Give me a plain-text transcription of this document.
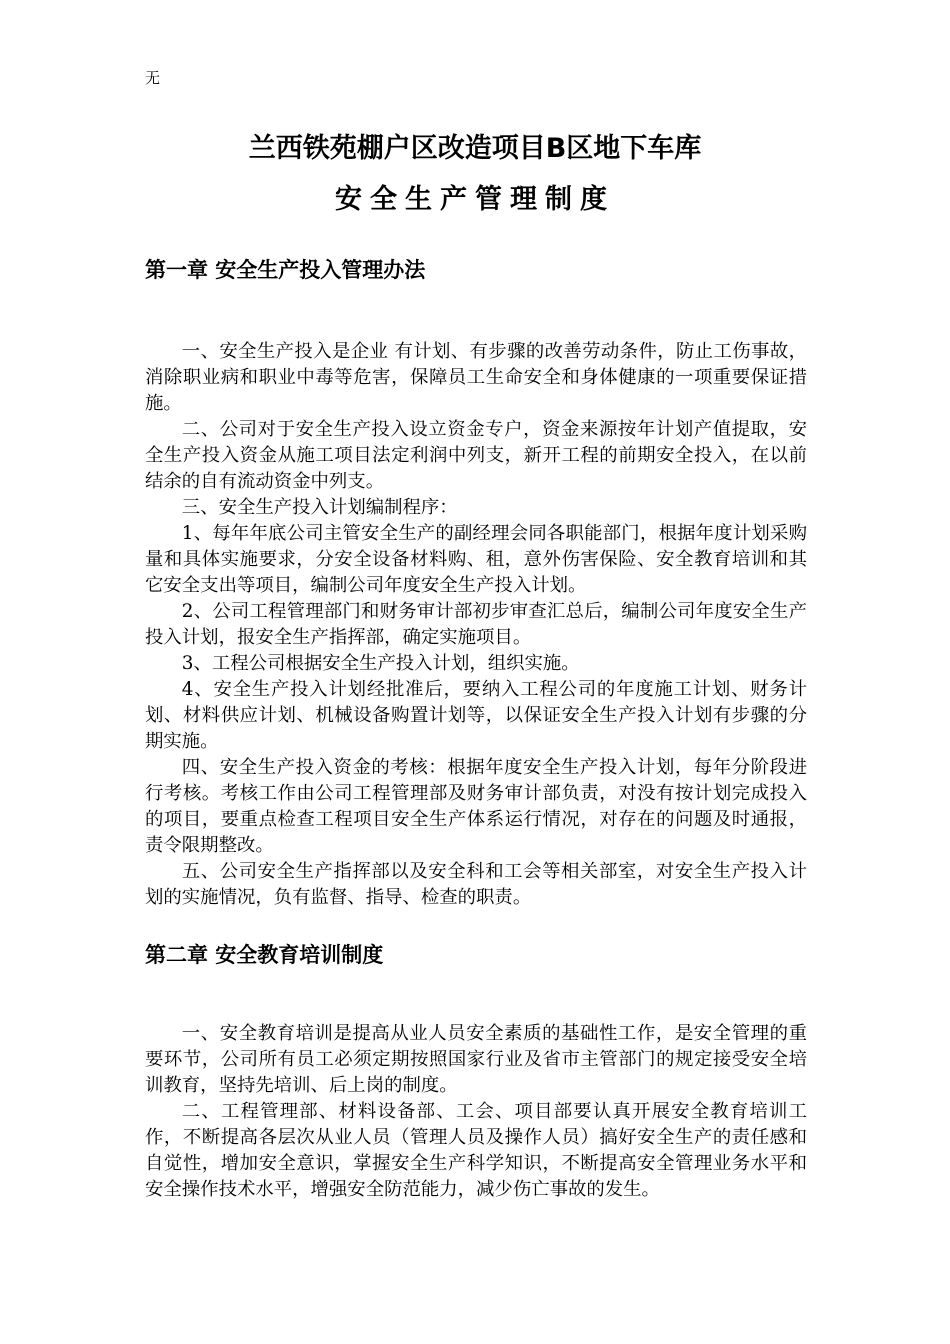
无
兰西铁苑棚户区改造项目B区地下车库
安全生产管理制度
第一章 安全生产投入管理办法

一、安全生产投入是企业 有计划、有步骤的改善劳动条件，防止工伤事故，消除职业病和职业中毒等危害，保障员工生命安全和身体健康的一项重要保证措施。

二、公司对于安全生产投入设立资金专户，资金来源按年计划产值提取，安全生产投入资金从施工项目法定利润中列支，新开工程的前期安全投入，在以前结余的自有流动资金中列支。

三、安全生产投入计划编制程序：

1、每年年底公司主管安全生产的副经理会同各职能部门，根据年度计划采购量和具体实施要求，分安全设备材料购、租，意外伤害保险、安全教育培训和其它安全支出等项目，编制公司年度安全生产投入计划。

2、公司工程管理部门和财务审计部初步审查汇总后，编制公司年度安全生产投入计划，报安全生产指挥部，确定实施项目。

3、工程公司根据安全生产投入计划，组织实施。

4、安全生产投入计划经批准后，要纳入工程公司的年度施工计划、财务计划、材料供应计划、机械设备购置计划等，以保证安全生产投入计划有步骤的分期实施。

四、安全生产投入资金的考核：根据年度安全生产投入计划，每年分阶段进行考核。考核工作由公司工程管理部及财务审计部负责，对没有按计划完成投入的项目，要重点检查工程项目安全生产体系运行情况，对存在的问题及时通报，责令限期整改。

五、公司安全生产指挥部以及安全科和工会等相关部室，对安全生产投入计划的实施情况，负有监督、指导、检查的职责。

第二章 安全教育培训制度

一、安全教育培训是提高从业人员安全素质的基础性工作，是安全管理的重要环节，公司所有员工必须定期按照国家行业及省市主管部门的规定接受安全培训教育，坚持先培训、后上岗的制度。

二、工程管理部、材料设备部、工会、项目部要认真开展安全教育培训工作，不断提高各层次从业人员（管理人员及操作人员）搞好安全生产的责任感和自觉性，增加安全意识，掌握安全生产科学知识，不断提高安全管理业务水平和安全操作技术水平，增强安全防范能力，减少伤亡事故的发生。
